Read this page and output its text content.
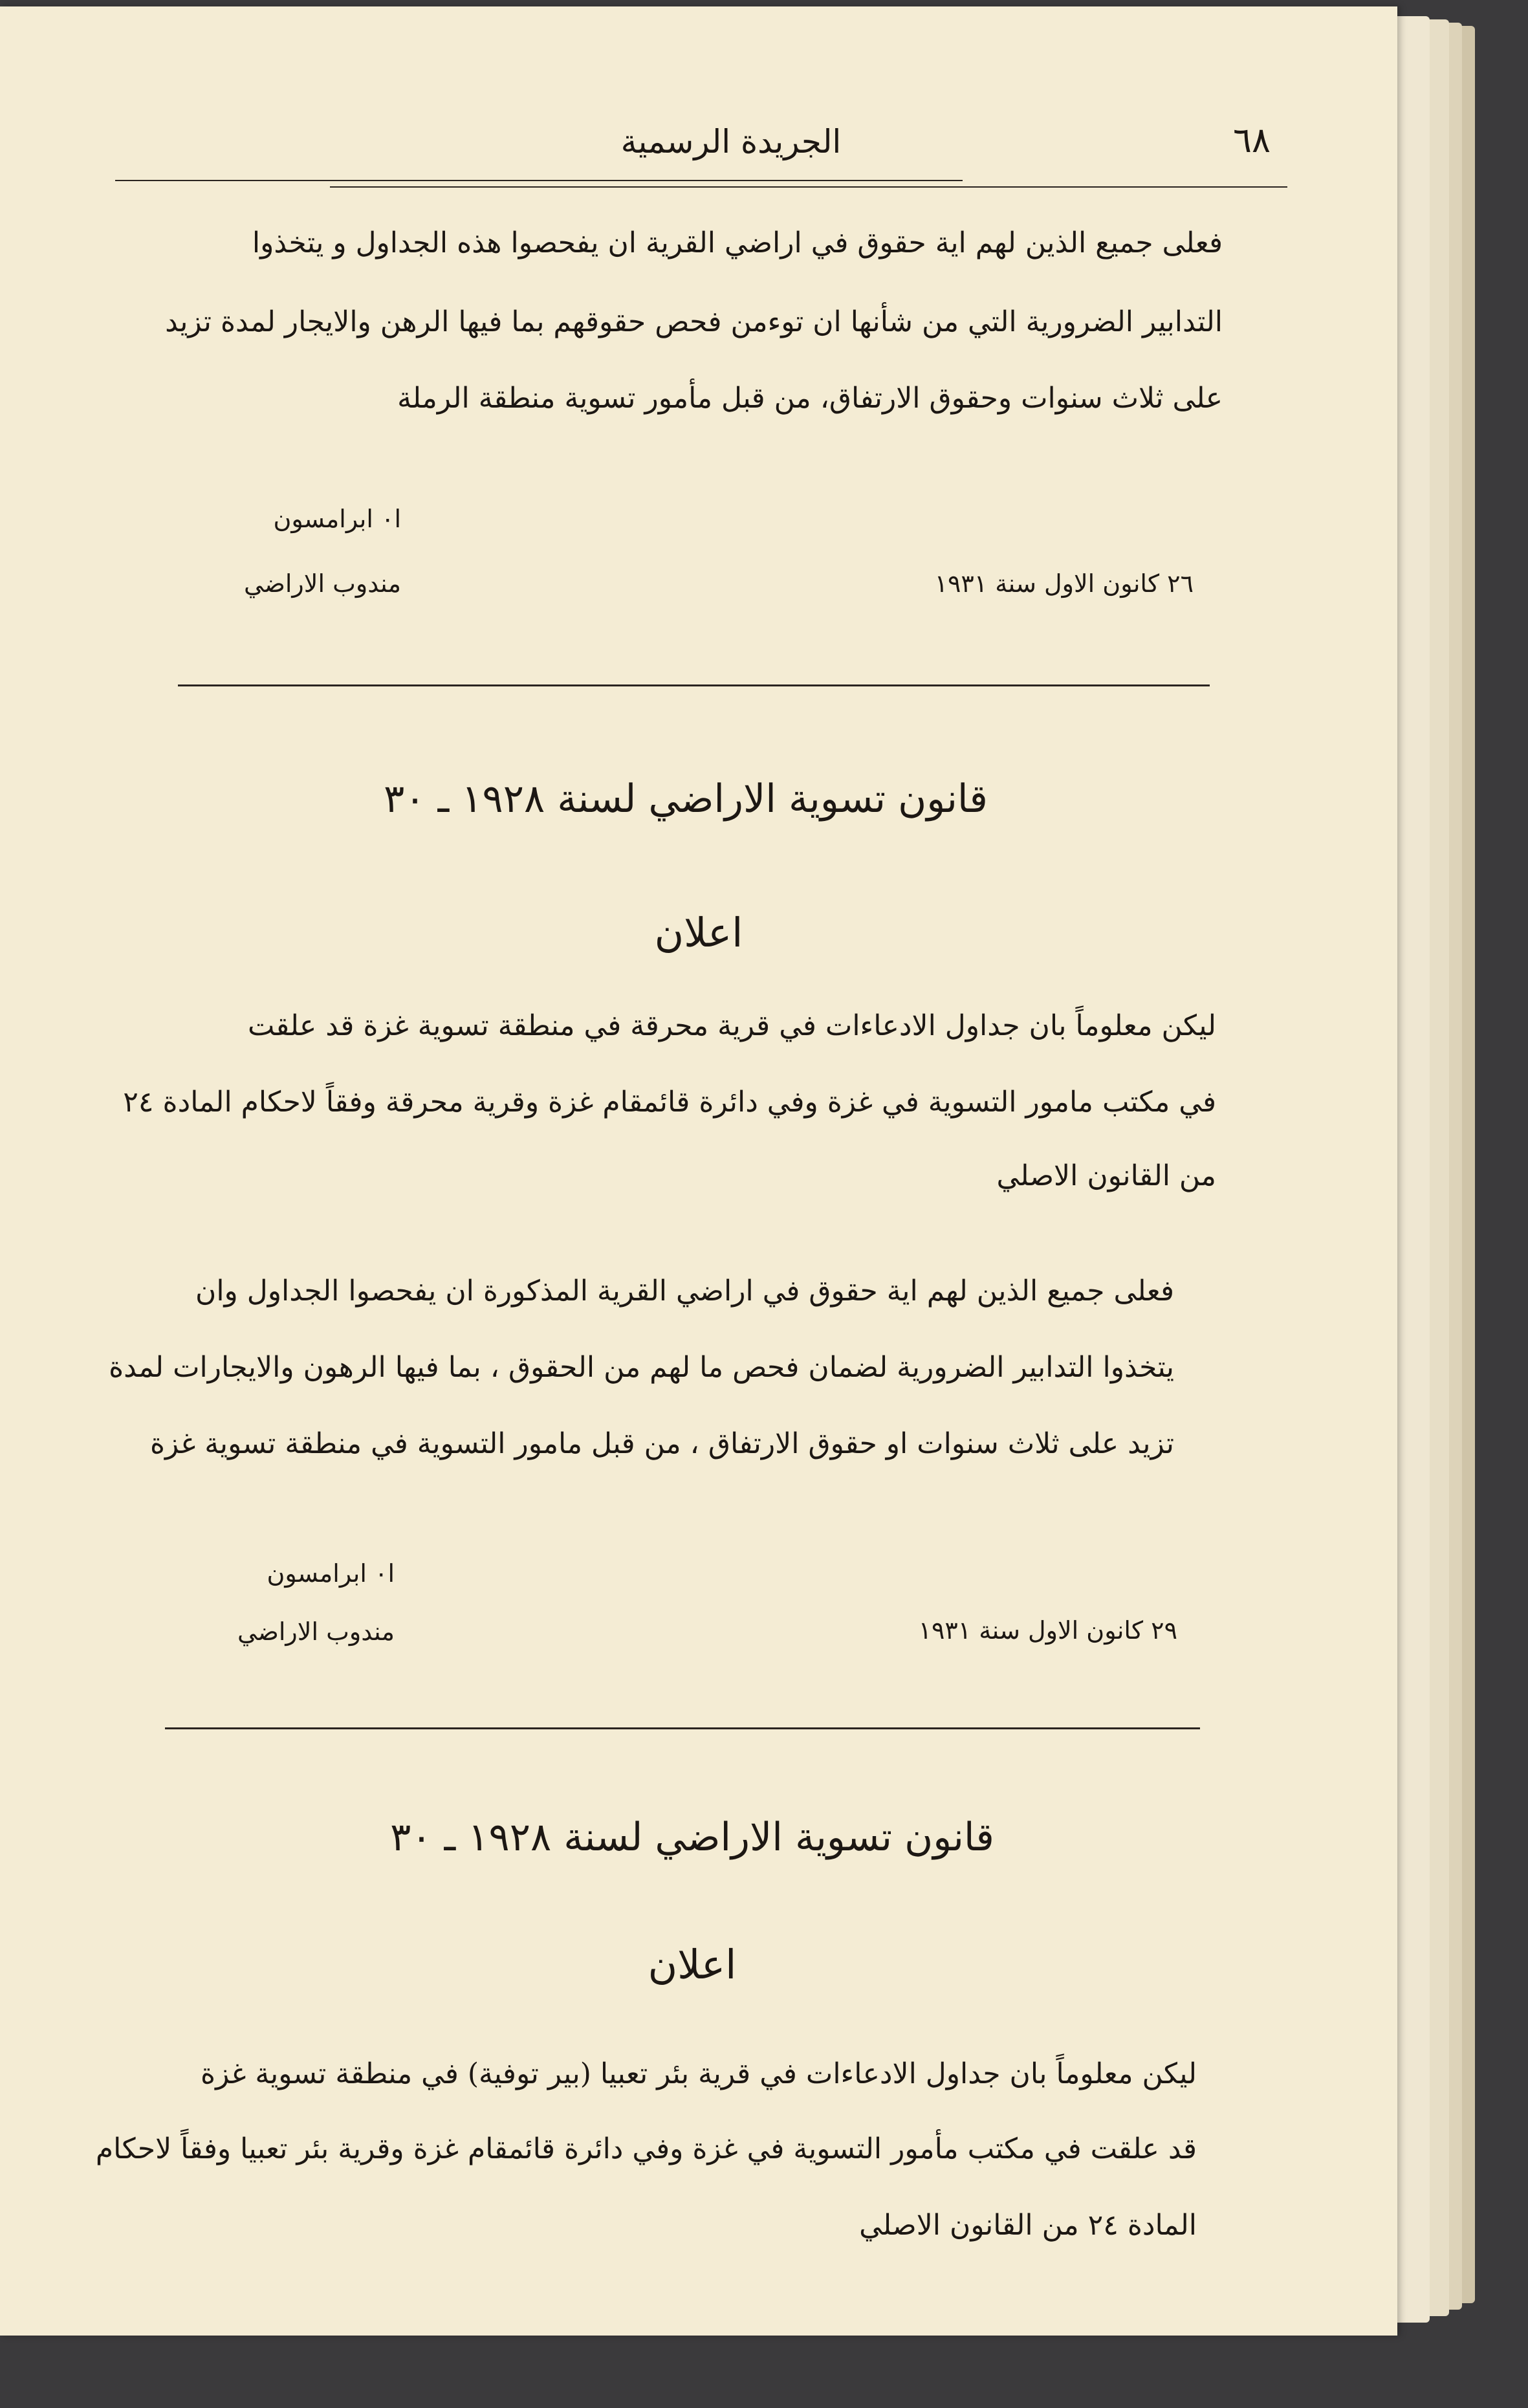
الجريدة الرسمية	٦٨
فعلى جميع الذين لهم اية حقوق في اراضي القرية ان يفحصوا هذه الجداول و يتخذوا
التدابير الضرورية التي من شأنها ان توءمن فحص حقوقهم بما فيها الرهن والايجار لمدة تزيد
على ثلاث سنوات وحقوق الارتفاق، من قبل مأمور تسوية منطقة الرملة
ا٠ ابرامسون
مندوب الاراضي	٢٦ كانون الاول سنة ١٩٣١
قانون تسوية الاراضي لسنة ١٩٢٨ ـ ٣٠
اعلان
ليكن معلوماً بان جداول الادعاءات في قرية محرقة في منطقة تسوية غزة قد علقت
في مكتب مامور التسوية في غزة وفي دائرة قائمقام غزة وقرية محرقة وفقاً لاحكام المادة ٢٤
من القانون الاصلي
فعلى جميع الذين لهم اية حقوق في اراضي القرية المذكورة ان يفحصوا الجداول وان
يتخذوا التدابير الضرورية لضمان فحص ما لهم من الحقوق ، بما فيها الرهون والايجارات لمدة
تزيد على ثلاث سنوات او حقوق الارتفاق ، من قبل مامور التسوية في منطقة تسوية غزة
ا٠ ابرامسون
مندوب الاراضي	٢٩ كانون الاول سنة ١٩٣١
قانون تسوية الاراضي لسنة ١٩٢٨ ـ ٣٠
اعلان
ليكن معلوماً بان جداول الادعاءات في قرية بئر تعبيا (بير توفية) في منطقة تسوية غزة
قد علقت في مكتب مأمور التسوية في غزة وفي دائرة قائمقام غزة وقرية بئر تعبيا وفقاً لاحكام
المادة ٢٤ من القانون الاصلي
